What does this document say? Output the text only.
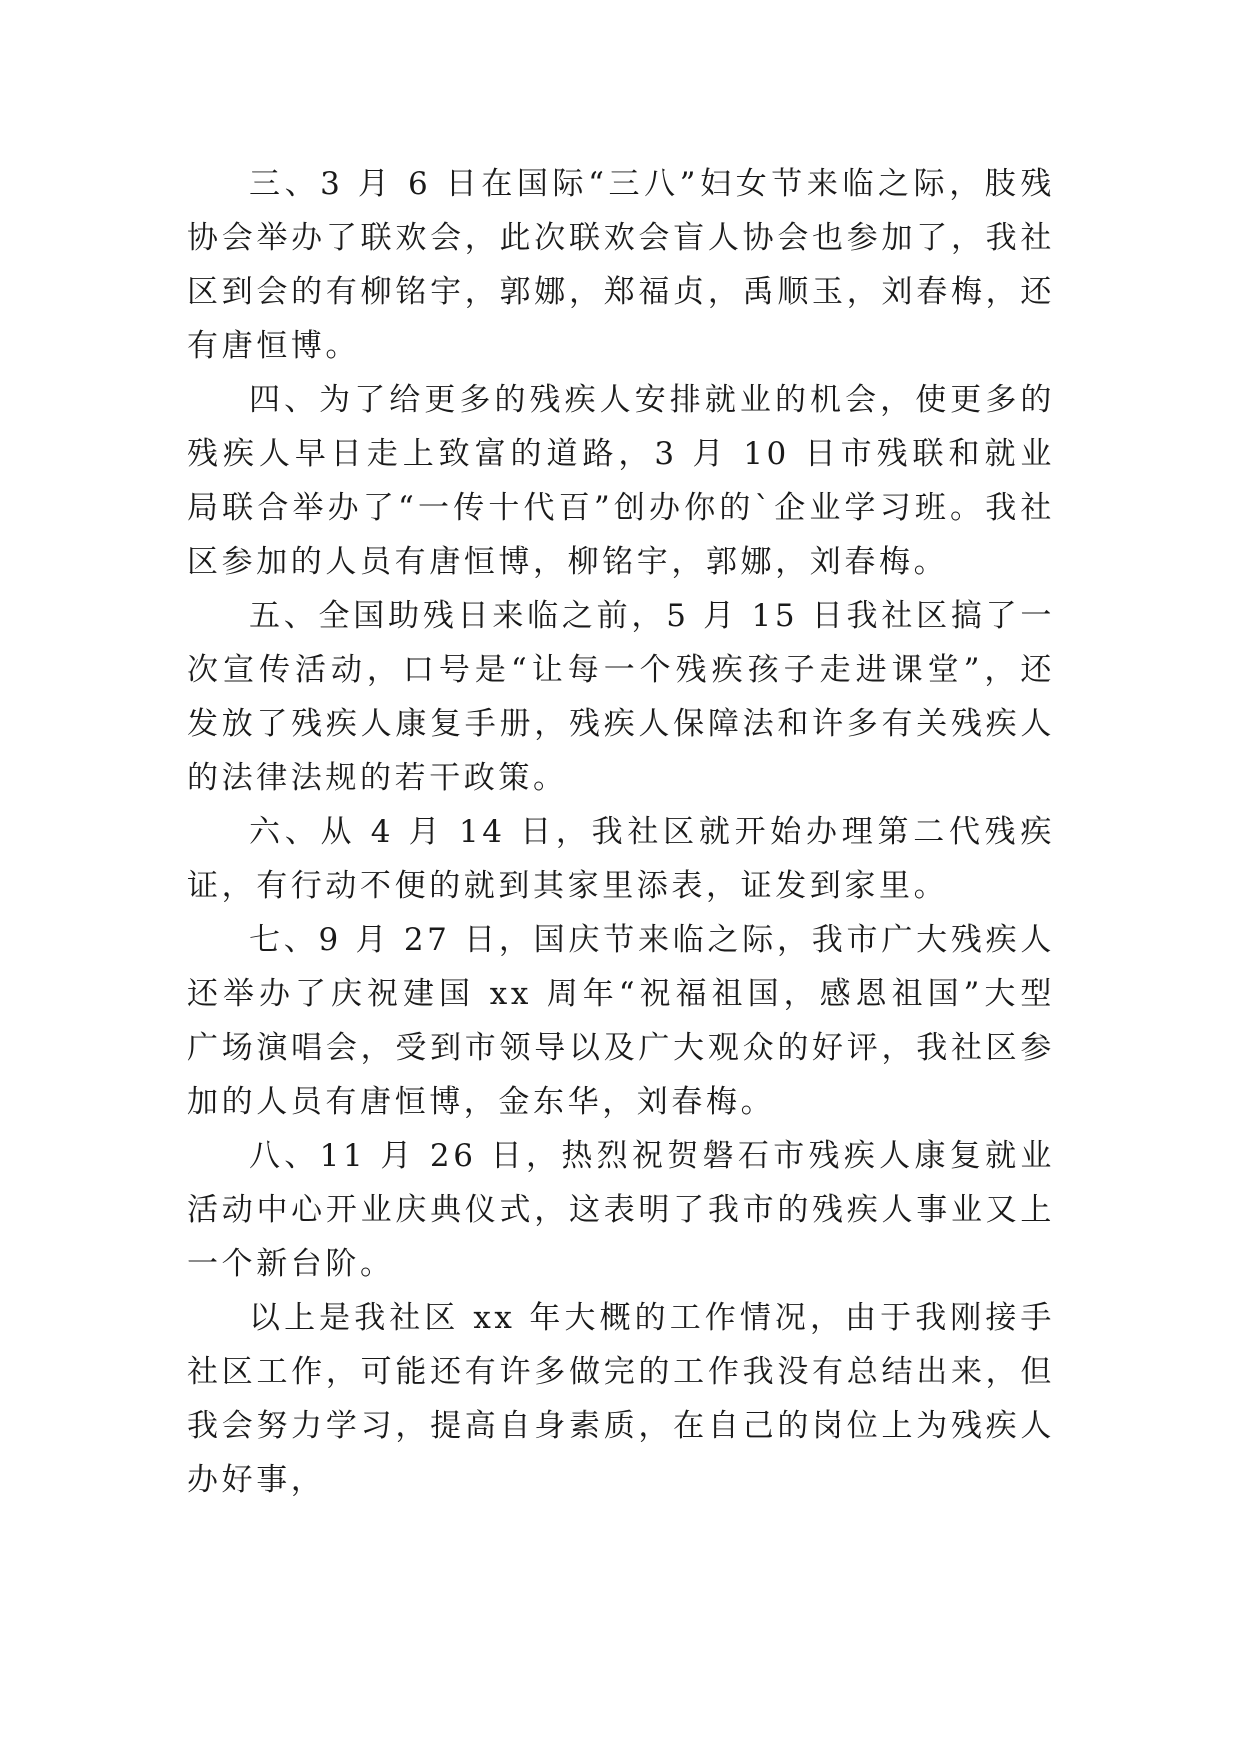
三、3 月 6 日在国际“三八”妇女节来临之际，肢残协会举办了联欢会，此次联欢会盲人协会也参加了，我社区到会的有柳铭宇，郭娜，郑福贞，禹顺玉，刘春梅，还有唐恒博。

四、为了给更多的残疾人安排就业的机会，使更多的残疾人早日走上致富的道路，3 月 10 日市残联和就业局联合举办了“一传十代百”创办你的`企业学习班。我社区参加的人员有唐恒博，柳铭宇，郭娜，刘春梅。

五、全国助残日来临之前，5 月 15 日我社区搞了一次宣传活动，口号是“让每一个残疾孩子走进课堂”，还发放了残疾人康复手册，残疾人保障法和许多有关残疾人的法律法规的若干政策。

六、从 4 月 14 日，我社区就开始办理第二代残疾证，有行动不便的就到其家里添表，证发到家里。

七、9 月 27 日，国庆节来临之际，我市广大残疾人还举办了庆祝建国 xx 周年“祝福祖国，感恩祖国”大型广场演唱会，受到市领导以及广大观众的好评，我社区参加的人员有唐恒博，金东华，刘春梅。

八、11 月 26 日，热烈祝贺磐石市残疾人康复就业活动中心开业庆典仪式，这表明了我市的残疾人事业又上一个新台阶。

以上是我社区 xx 年大概的工作情况，由于我刚接手社区工作，可能还有许多做完的工作我没有总结出来，但我会努力学习，提高自身素质，在自己的岗位上为残疾人办好事，
